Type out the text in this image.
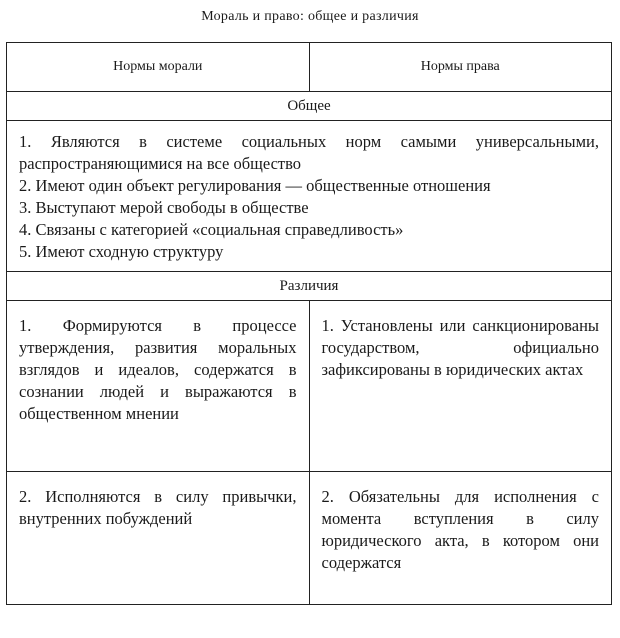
Мораль и право: общее и различия
Нормы морали	Нормы права
Общее	

1. Являются в системе социальных норм самыми универсальными, распространяющимися на все общество
2. Имеют один объект регулирования — общественные отношения
3. Выступают мерой свободы в обществе
4. Связаны с категорией «социальная справедливость»
5. Имеют сходную структуру	

Различия	
1. Формируются в процессе утверждения, развития моральных взглядов и идеалов, содержатся в сознании людей и выражаются в общественном мнении	1. Установлены или санкционированы государством, официально зафиксированы в юридических актах
2. Исполняются в силу привычки, внутренних побуждений	2. Обязательны для исполнения с момента вступления в силу юридического акта, в котором они содержатся
